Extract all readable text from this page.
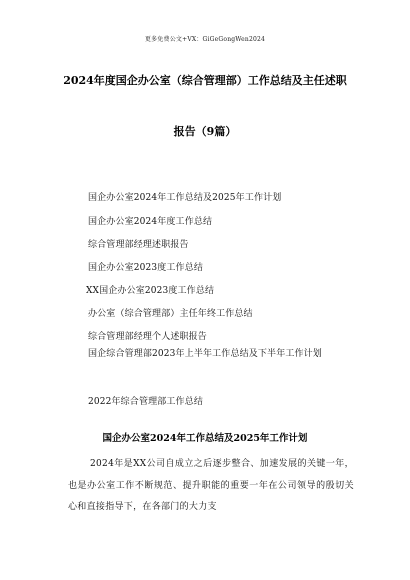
更多免费公文+VX：GiGeGongWen2024
2024年度国企办公室（综合管理部）工作总结及主任述职
报告（9篇）
国企办公室2024年工作总结及2025年工作计划
国企办公室2024年度工作总结
综合管理部经理述职报告
国企办公室2023度工作总结
XX国企办公室2023度工作总结
办公室（综合管理部）主任年终工作总结
综合管理部经理个人述职报告
国企综合管理部2023年上半年工作总结及下半年工作计划
2022年综合管理部工作总结
国企办公室2024年工作总结及2025年工作计划
2024年是XX公司自成立之后逐步整合、加速发展的关键一年，也是办公室工作不断规范、提升职能的重要一年在公司领导的殷切关心和直接指导下，在各部门的大力支
